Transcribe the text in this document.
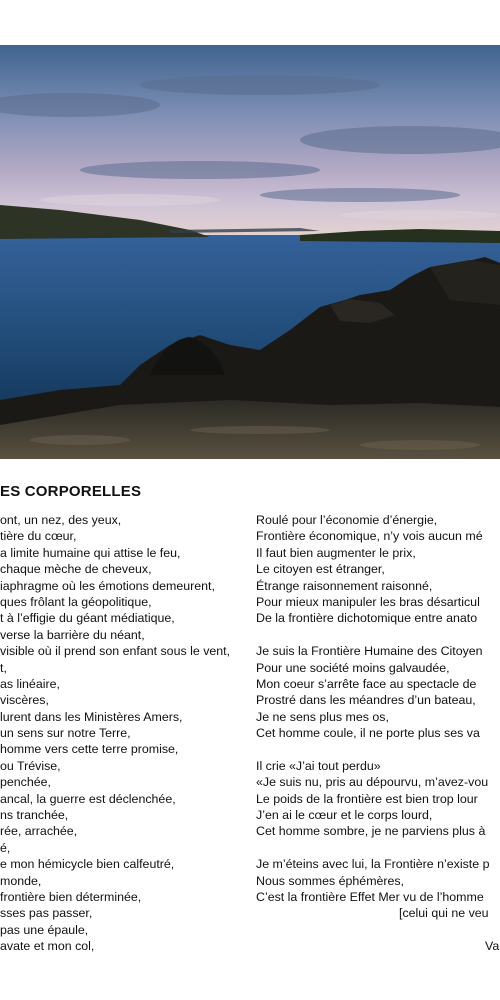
ES CORPORELLES
ont, un nez, des yeux,
tière du cœur,
a limite humaine qui attise le feu,
chaque mèche de cheveux,
iaphragme où les émotions demeurent,
ques frôlant la géopolitique,
t à l’effigie du géant médiatique,
verse la barrière du néant,
visible où il prend son enfant sous le vent,
t,
as linéaire,
viscères,
lurent dans les Ministères Amers,
un sens sur notre Terre,
homme vers cette terre promise,
ou Trévise,
penchée,
ancal, la guerre est déclenchée,
ns tranchée,
rée, arrachée,
é,
e mon hémicycle bien calfeutré,
monde,
frontière bien déterminée,
sses pas passer,
pas une épaule,
avate et mon col,
Roulé pour l’économie d’énergie,
Frontière économique, n’y vois aucun mé
Il faut bien augmenter le prix,
Le citoyen est étranger,
Étrange raisonnement raisonné,
Pour mieux manipuler les bras désarticul
De la frontière dichotomique entre anato
Je suis la Frontière Humaine des Citoyen
Pour une société moins galvaudée,
Mon coeur s’arrête face au spectacle de
Prostré dans les méandres d’un bateau,
Je ne sens plus mes os,
Cet homme coule, il ne porte plus ses va
Il crie «J’ai tout perdu»
«Je suis nu, pris au dépourvu, m’avez-vou
Le poids de la frontière est bien trop lour
J’en ai le cœur et le corps lourd,
Cet homme sombre, je ne parviens plus à
Je m’éteins avec lui, la Frontière n’existe p
Nous sommes éphémères,
C’est la frontière Effet Mer vu de l’homme
[celui qui ne veu
Va
